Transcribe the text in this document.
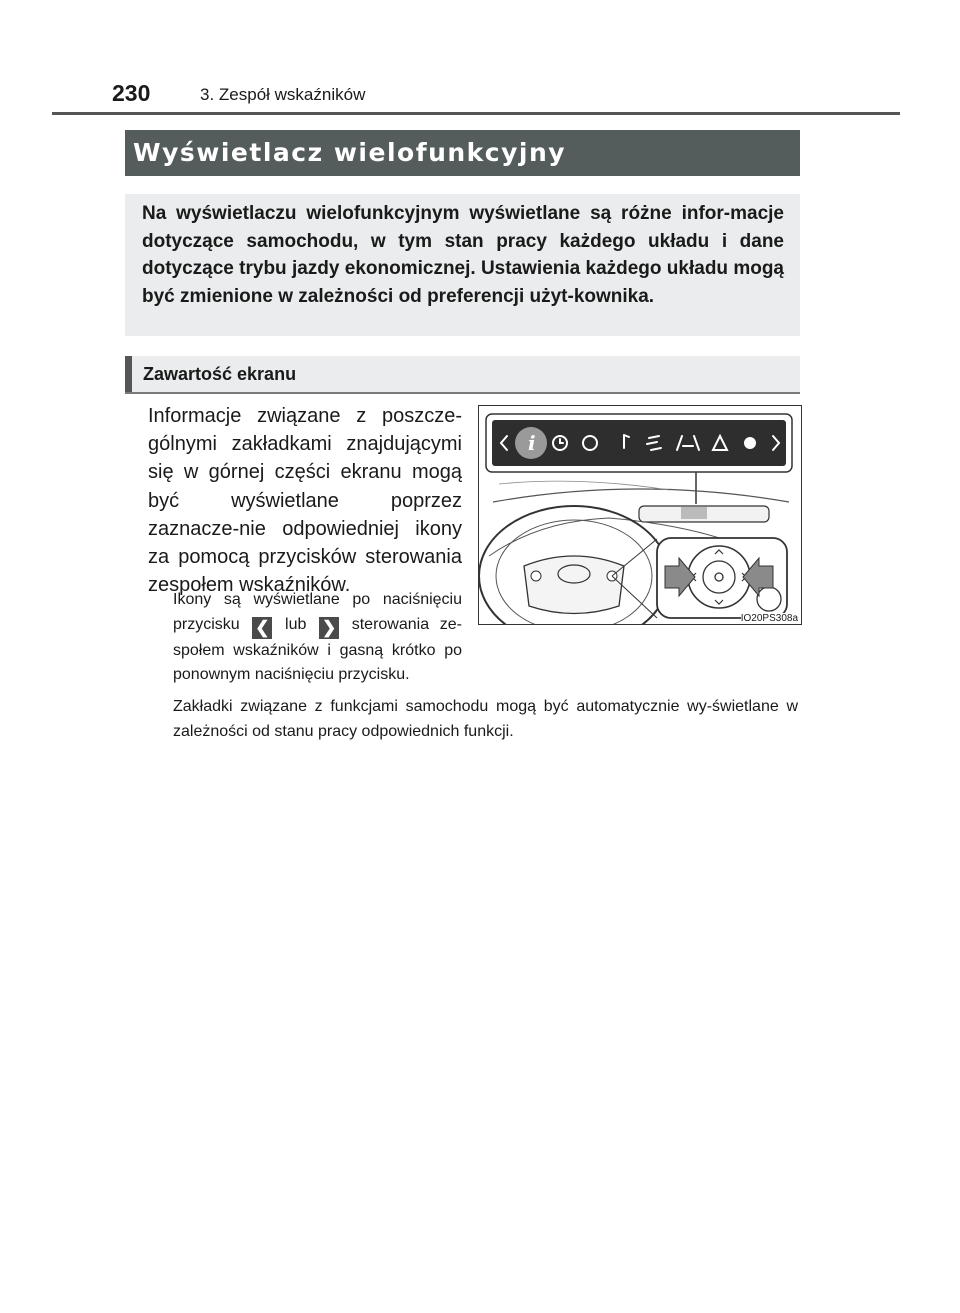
230	3. Zespół wskaźników
Wyświetlacz wielofunkcyjny
Na wyświetlaczu wielofunkcyjnym wyświetlane są różne infor-macje dotyczące samochodu, w tym stan pracy każdego układu i dane dotyczące trybu jazdy ekonomicznej. Ustawienia każdego układu mogą być zmienione w zależności od preferencji użyt-kownika.
Zawartość ekranu
Informacje związane z poszcze-gólnymi zakładkami znajdującymi się w górnej części ekranu mogą być wyświetlane poprzez zaznacze-nie odpowiedniej ikony za pomocą przycisków sterowania zespołem wskaźników.
Ikony są wyświetlane po naciśnięciu przycisku ❮ lub ❯ sterowania ze-społem wskaźników i gasną krótko po ponownym naciśnięciu przycisku.
Zakładki związane z funkcjami samochodu mogą być automatycznie wy-świetlane w zależności od stanu pracy odpowiednich funkcji.
i
IO20PS308a
